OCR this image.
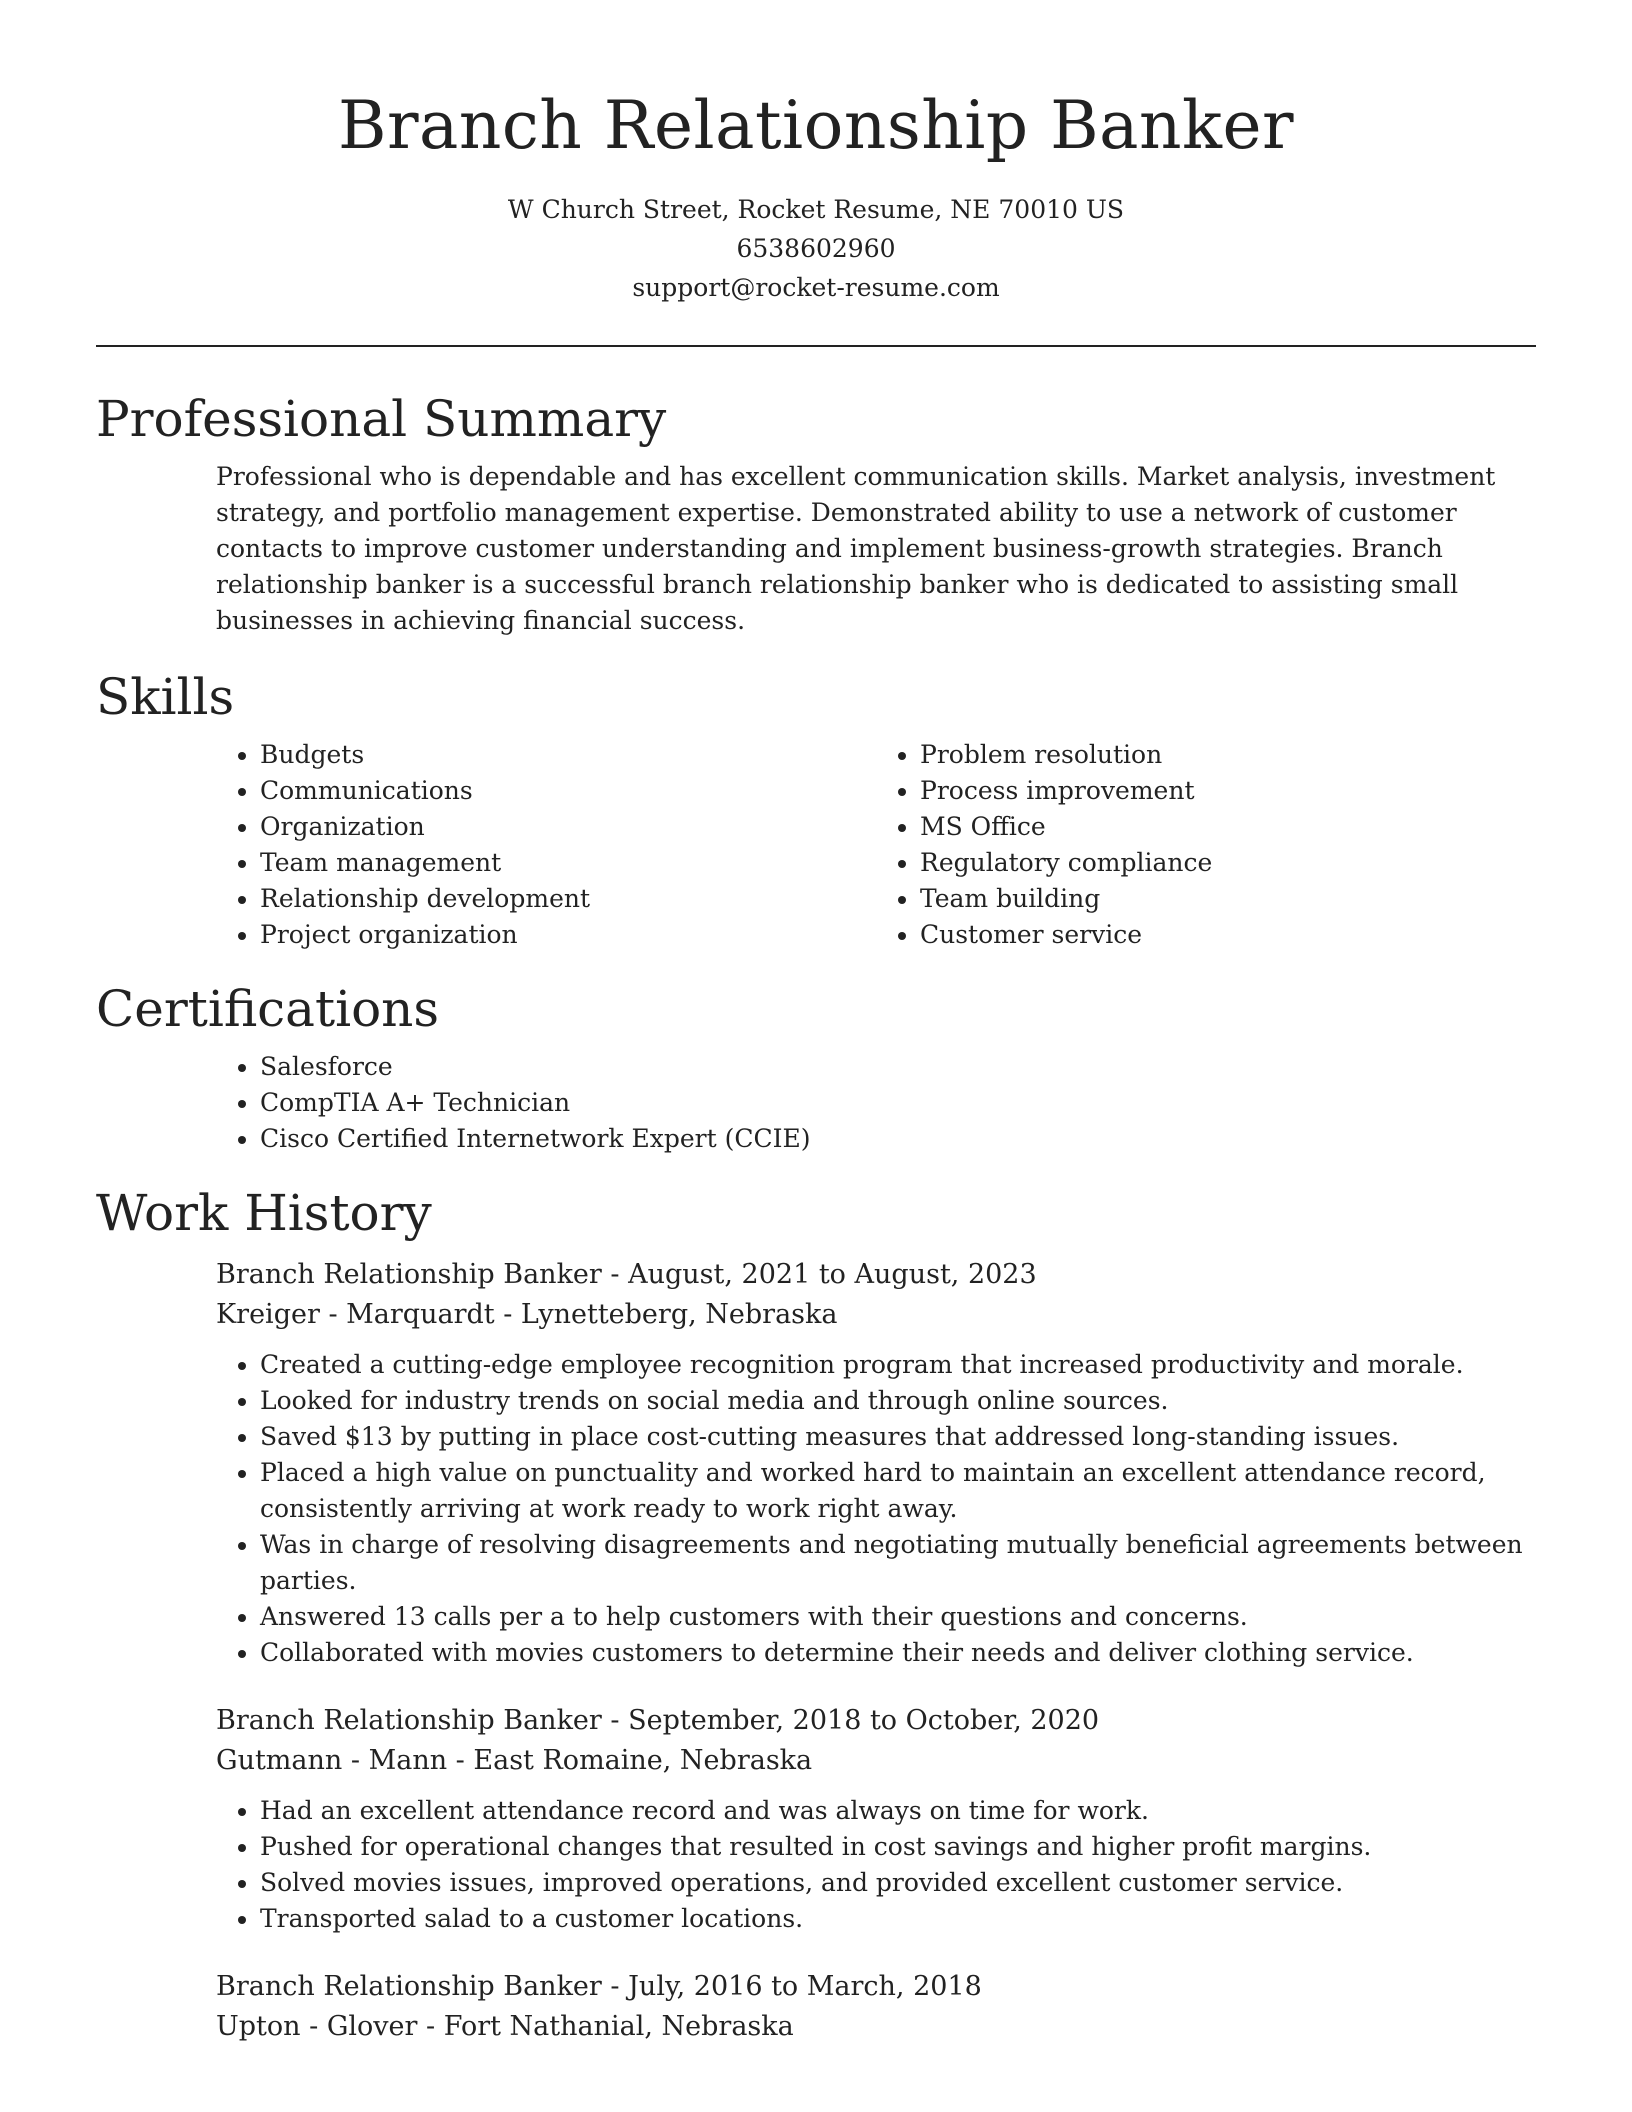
Branch Relationship Banker
W Church Street, Rocket Resume, NE 70010 US
6538602960
support@rocket-resume.com
Professional Summary
Professional who is dependable and has excellent communication skills. Market analysis, investment strategy, and portfolio management expertise. Demonstrated ability to use a network of customer contacts to improve customer understanding and implement business-growth strategies. Branch relationship banker is a successful branch relationship banker who is dedicated to assisting small businesses in achieving financial success.
Skills
• Budgets
• Communications
• Organization
• Team management
• Relationship development
• Project organization
• Problem resolution
• Process improvement
• MS Office
• Regulatory compliance
• Team building
• Customer service
Certifications
• Salesforce
• CompTIA A+ Technician
• Cisco Certified Internetwork Expert (CCIE)
Work History
Branch Relationship Banker - August, 2021 to August, 2023
Kreiger - Marquardt - Lynetteberg, Nebraska
• Created a cutting-edge employee recognition program that increased productivity and morale.
• Looked for industry trends on social media and through online sources.
• Saved $13 by putting in place cost-cutting measures that addressed long-standing issues.
• Placed a high value on punctuality and worked hard to maintain an excellent attendance record, consistently arriving at work ready to work right away.
• Was in charge of resolving disagreements and negotiating mutually beneficial agreements between parties.
• Answered 13 calls per a to help customers with their questions and concerns.
• Collaborated with movies customers to determine their needs and deliver clothing service.
Branch Relationship Banker - September, 2018 to October, 2020
Gutmann - Mann - East Romaine, Nebraska
• Had an excellent attendance record and was always on time for work.
• Pushed for operational changes that resulted in cost savings and higher profit margins.
• Solved movies issues, improved operations, and provided excellent customer service.
• Transported salad to a customer locations.
Branch Relationship Banker - July, 2016 to March, 2018
Upton - Glover - Fort Nathanial, Nebraska
